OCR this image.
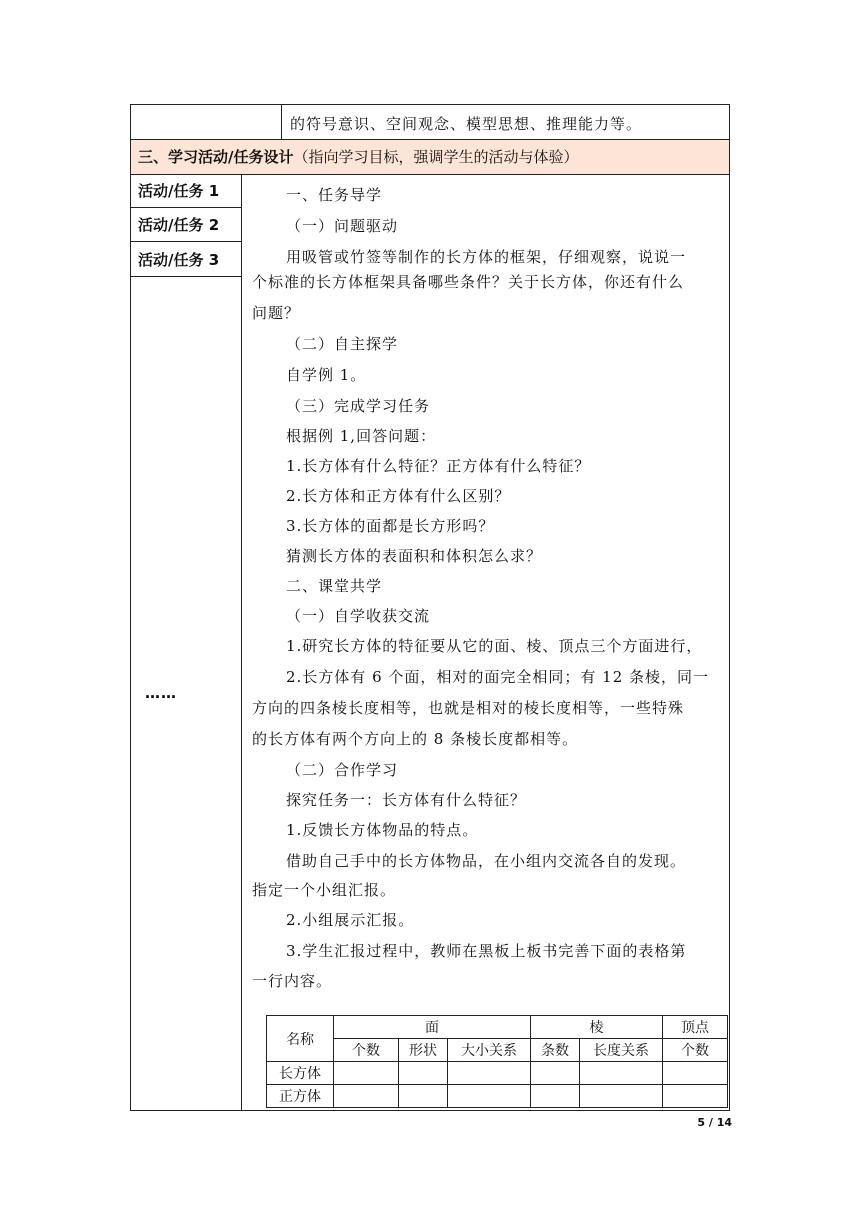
的符号意识、空间观念、模型思想、推理能力等。
三、学习活动/任务设计（指向学习目标，强调学生的活动与体验）
活动/任务 1
活动/任务 2
活动/任务 3
……
一、任务导学
（一）问题驱动
用吸管或竹签等制作的长方体的框架，仔细观察，说说一
个标准的长方体框架具备哪些条件？关于长方体，你还有什么
问题？
（二）自主探学
自学例 1。
（三）完成学习任务
根据例 1,回答问题：
1.长方体有什么特征？正方体有什么特征？
2.长方体和正方体有什么区别？
3.长方体的面都是长方形吗？
猜测长方体的表面积和体积怎么求？
二、课堂共学
（一）自学收获交流
1.研究长方体的特征要从它的面、棱、顶点三个方面进行，
2.长方体有 6 个面，相对的面完全相同；有 12 条棱，同一
方向的四条棱长度相等，也就是相对的棱长度相等，一些特殊
的长方体有两个方向上的 8 条棱长度都相等。
（二）合作学习
探究任务一：长方体有什么特征？
1.反馈长方体物品的特点。
借助自己手中的长方体物品，在小组内交流各自的发现。
指定一个小组汇报。
2.小组展示汇报。
3.学生汇报过程中，教师在黑板上板书完善下面的表格第
一行内容。
名称	面			棱		顶点
	个数	形状	大小关系	条数	长度关系	个数
长方体						
正方体						
5 / 14
